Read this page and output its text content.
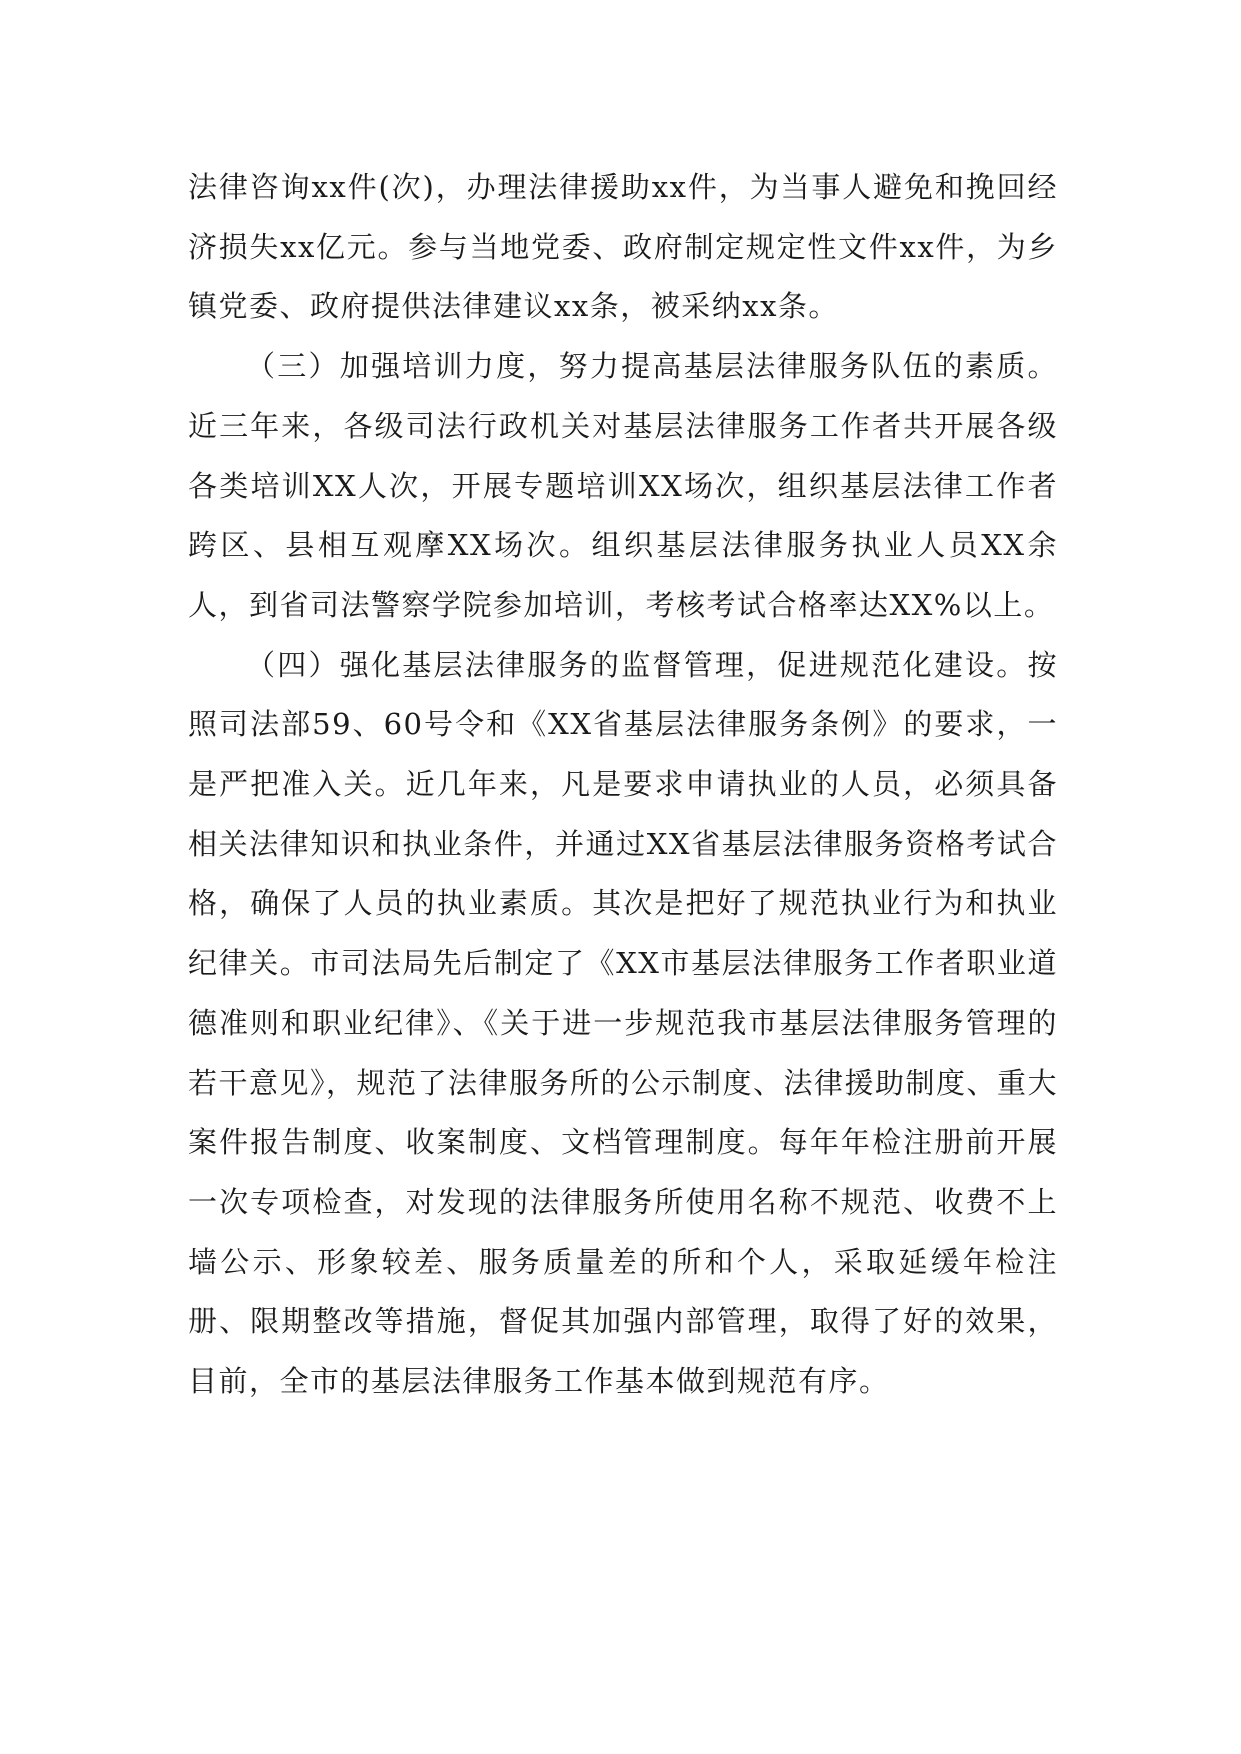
法律咨询xx件(次)，办理法律援助xx件，为当事人避免和挽回经济损失xx亿元。参与当地党委、政府制定规定性文件xx件，为乡镇党委、政府提供法律建议xx条，被采纳xx条。

（三）加强培训力度，努力提高基层法律服务队伍的素质。近三年来，各级司法行政机关对基层法律服务工作者共开展各级各类培训XX人次，开展专题培训XX场次，组织基层法律工作者跨区、县相互观摩XX场次。组织基层法律服务执业人员XX余人，到省司法警察学院参加培训，考核考试合格率达XX%以上。

（四）强化基层法律服务的监督管理，促进规范化建设。按照司法部59、60号令和《XX省基层法律服务条例》的要求，一是严把准入关。近几年来，凡是要求申请执业的人员，必须具备相关法律知识和执业条件，并通过XX省基层法律服务资格考试合格，确保了人员的执业素质。其次是把好了规范执业行为和执业纪律关。市司法局先后制定了《XX市基层法律服务工作者职业道德准则和职业纪律》、《关于进一步规范我市基层法律服务管理的若干意见》，规范了法律服务所的公示制度、法律援助制度、重大案件报告制度、收案制度、文档管理制度。每年年检注册前开展一次专项检查，对发现的法律服务所使用名称不规范、收费不上墙公示、形象较差、服务质量差的所和个人，采取延缓年检注册、限期整改等措施，督促其加强内部管理，取得了好的效果，目前，全市的基层法律服务工作基本做到规范有序。
